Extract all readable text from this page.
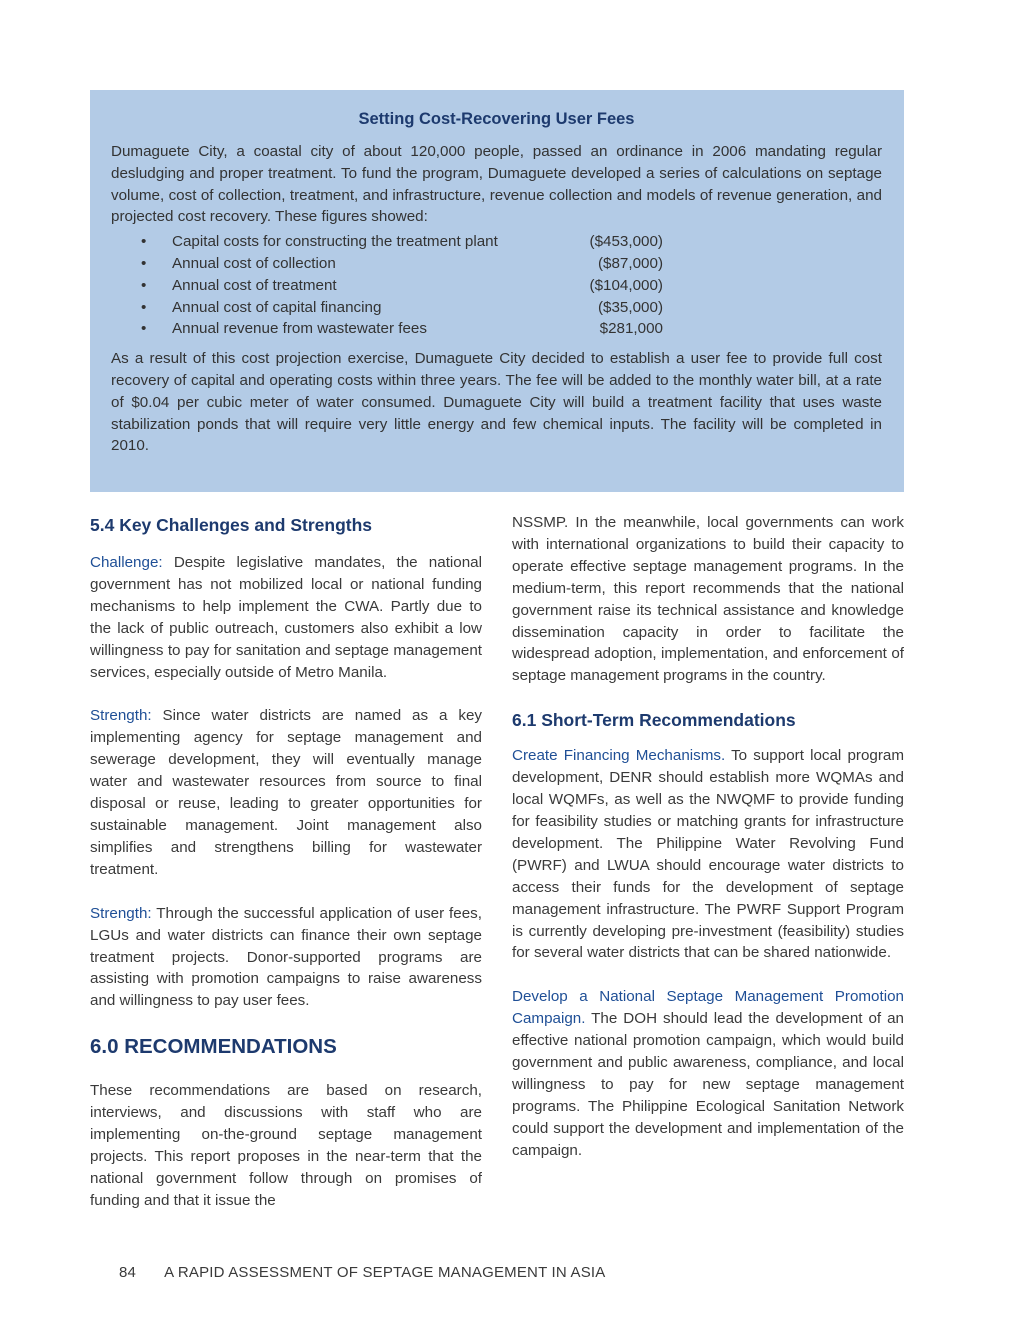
Setting Cost-Recovering User Fees

Dumaguete City, a coastal city of about 120,000 people, passed an ordinance in 2006 mandating regular desludging and proper treatment. To fund the program, Dumaguete developed a series of calculations on septage volume, cost of collection, treatment, and infrastructure, revenue collection and models of revenue generation, and projected cost recovery. These figures showed:

• Capital costs for constructing the treatment plant	($453,000)
• Annual cost of collection	($87,000)
• Annual cost of treatment	($104,000)
• Annual cost of capital financing	($35,000)
• Annual revenue from wastewater fees	$281,000

As a result of this cost projection exercise, Dumaguete City decided to establish a user fee to provide full cost recovery of capital and operating costs within three years. The fee will be added to the monthly water bill, at a rate of $0.04 per cubic meter of water consumed. Dumaguete City will build a treatment facility that uses waste stabilization ponds that will require very little energy and few chemical inputs. The facility will be completed in 2010.

5.4 Key Challenges and Strengths

Challenge: Despite legislative mandates, the national government has not mobilized local or national funding mechanisms to help implement the CWA. Partly due to the lack of public outreach, customers also exhibit a low willingness to pay for sanitation and septage management services, especially outside of Metro Manila.

Strength: Since water districts are named as a key implementing agency for septage management and sewerage development, they will eventually manage water and wastewater resources from source to final disposal or reuse, leading to greater opportunities for sustainable management. Joint management also simplifies and strengthens billing for wastewater treatment.

Strength: Through the successful application of user fees, LGUs and water districts can finance their own septage treatment projects. Donor-supported programs are assisting with promotion campaigns to raise awareness and willingness to pay user fees.

6.0 RECOMMENDATIONS

These recommendations are based on research, interviews, and discussions with staff who are implementing on-the-ground septage management projects. This report proposes in the near-term that the national government follow through on promises of funding and that it issue the

NSSMP. In the meanwhile, local governments can work with international organizations to build their capacity to operate effective septage management programs. In the medium-term, this report recommends that the national government raise its technical assistance and knowledge dissemination capacity in order to facilitate the widespread adoption, implementation, and enforcement of septage management programs in the country.

6.1 Short-Term Recommendations

Create Financing Mechanisms. To support local program development, DENR should establish more WQMAs and local WQMFs, as well as the NWQMF to provide funding for feasibility studies or matching grants for infrastructure development. The Philippine Water Revolving Fund (PWRF) and LWUA should encourage water districts to access their funds for the development of septage management infrastructure. The PWRF Support Program is currently developing pre-investment (feasibility) studies for several water districts that can be shared nationwide.

Develop a National Septage Management Promotion Campaign. The DOH should lead the development of an effective national promotion campaign, which would build government and public awareness, compliance, and local willingness to pay for new septage management programs. The Philippine Ecological Sanitation Network could support the development and implementation of the campaign.

84 A RAPID ASSESSMENT OF SEPTAGE MANAGEMENT IN ASIA
